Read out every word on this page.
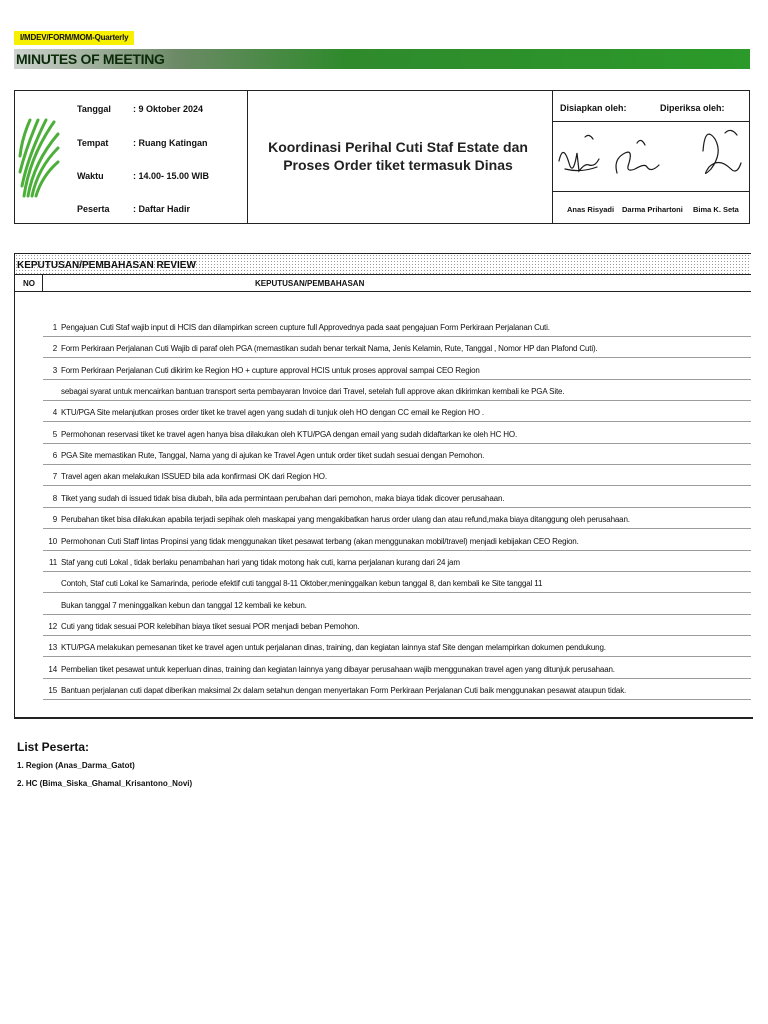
I/MDEV/FORM/MOM-Quarterly
MINUTES OF MEETING
Tanggal	: 9 Oktober 2024
Tempat	: Ruang Katingan
Waktu	: 14.00- 15.00 WIB
Peserta	: Daftar Hadir
Koordinasi Perihal Cuti Staf Estate dan Proses Order tiket termasuk Dinas
Disiapkan oleh:	Diperiksa oleh:
Anas Risyadi Darma Prihartoni Bima K. Seta
KEPUTUSAN/PEMBAHASAN REVIEW
NO	KEPUTUSAN/PEMBAHASAN
1 Pengajuan Cuti Staf wajib input di HCIS dan dilampirkan screen cupture full Approvednya pada saat pengajuan Form Perkiraan Perjalanan Cuti.
2 Form Perkiraan Perjalanan Cuti Wajib di paraf oleh PGA (memastikan sudah benar terkait Nama, Jenis Kelamin, Rute, Tanggal , Nomor HP dan Plafond Cuti).
3 Form Perkiraan Perjalanan Cuti dikirim ke Region HO + cupture approval HCIS untuk proses approval sampai CEO Region
sebagai syarat untuk mencairkan bantuan transport serta pembayaran Invoice dari Travel, setelah full approve akan dikirimkan kembali ke PGA Site.
4 KTU/PGA Site melanjutkan proses order tiket ke travel agen yang sudah di tunjuk oleh HO dengan CC email ke Region HO .
5 Permohonan reservasi tiket ke travel agen hanya bisa dilakukan oleh KTU/PGA dengan email yang sudah didaftarkan ke oleh HC HO.
6 PGA Site memastikan Rute, Tanggal, Nama yang di ajukan ke Travel Agen untuk order tiket sudah sesuai dengan Pemohon.
7 Travel agen akan melakukan ISSUED bila ada konfirmasi OK dari Region HO.
8 Tiket yang sudah di issued tidak bisa diubah, bila ada permintaan perubahan dari pemohon, maka biaya tidak dicover perusahaan.
9 Perubahan tiket bisa dilakukan apabila terjadi sepihak oleh maskapai yang mengakibatkan harus order ulang dan atau refund,maka biaya ditanggung oleh perusahaan.
10 Permohonan Cuti Staff lintas Propinsi yang tidak menggunakan tiket pesawat terbang (akan menggunakan mobil/travel) menjadi kebijakan CEO Region.
11 Staf yang cuti Lokal , tidak berlaku penambahan hari yang tidak motong hak cuti, karna perjalanan kurang dari 24 jam
Contoh, Staf cuti Lokal ke Samarinda, periode efektif cuti tanggal 8-11 Oktober,meninggalkan kebun tanggal 8, dan kembali ke Site tanggal 11
Bukan tanggal 7 meninggalkan kebun dan tanggal 12 kembali ke kebun.
12 Cuti yang tidak sesuai POR kelebihan biaya tiket sesuai POR menjadi beban Pemohon.
13 KTU/PGA melakukan pemesanan tiket ke travel agen untuk perjalanan dinas, training, dan kegiatan lainnya staf Site dengan melampirkan dokumen pendukung.
14 Pembelian tiket pesawat untuk keperluan dinas, training dan kegiatan lainnya yang dibayar perusahaan wajib menggunakan travel agen yang ditunjuk perusahaan.
15 Bantuan perjalanan cuti dapat diberikan maksimal 2x dalam setahun dengan menyertakan Form Perkiraan Perjalanan Cuti baik menggunakan pesawat ataupun tidak.
List Peserta:
1. Region (Anas_Darma_Gatot)
2. HC (Bima_Siska_Ghamal_Krisantono_Novi)
